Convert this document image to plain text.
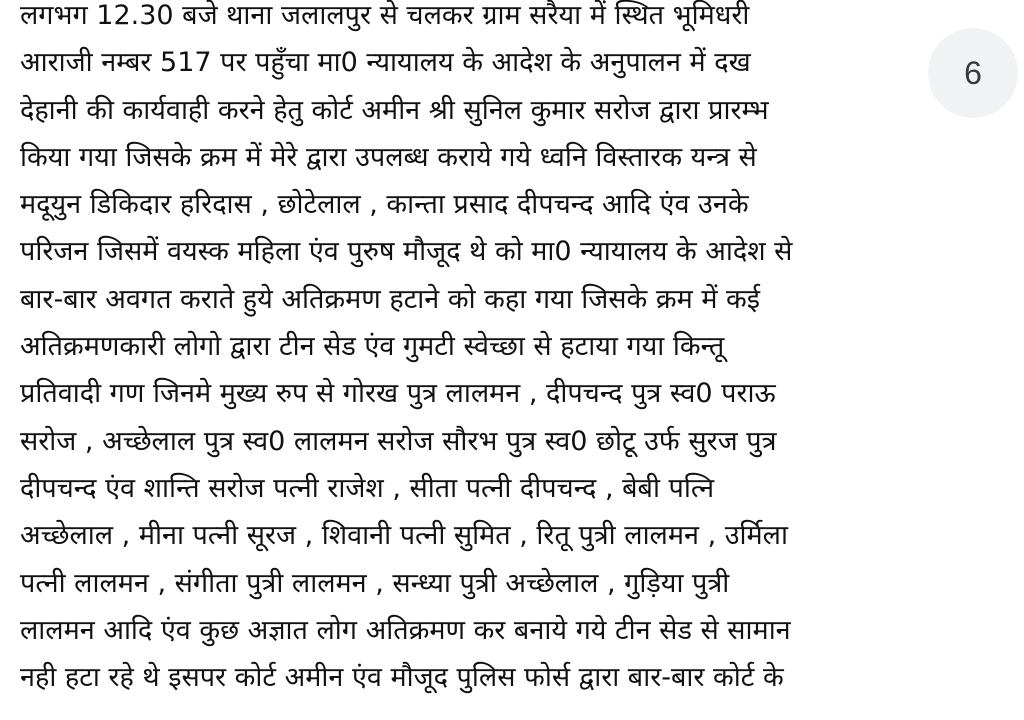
लगभग 12.30 बजे थाना जलालपुर से चलकर ग्राम सरैया में स्थित भूमिधरी
आराजी नम्बर 517 पर पहुँचा मा0 न्यायालय के आदेश के अनुपालन में दख
देहानी की कार्यवाही करने हेतु कोर्ट अमीन श्री सुनिल कुमार सरोज द्वारा प्रारम्भ
किया गया जिसके क्रम में मेरे द्वारा उपलब्ध कराये गये ध्वनि विस्तारक यन्त्र से
मदूयुन डिकिदार हरिदास , छोटेलाल , कान्ता प्रसाद दीपचन्द आदि एंव उनके
परिजन जिसमें वयस्क महिला एंव पुरुष मौजूद थे को मा0 न्यायालय के आदेश से
बार-बार अवगत कराते हुये अतिक्रमण हटाने को कहा गया जिसके क्रम में कई
अतिक्रमणकारी लोगो द्वारा टीन सेड एंव गुमटी स्वेच्छा से हटाया गया किन्तू
प्रतिवादी गण जिनमे मुख्य रुप से गोरख पुत्र लालमन , दीपचन्द पुत्र स्व0 पराऊ
सरोज , अच्छेलाल पुत्र स्व0 लालमन सरोज सौरभ पुत्र स्व0 छोटू उर्फ सुरज पुत्र
दीपचन्द एंव शान्ति सरोज पत्नी राजेश , सीता पत्नी दीपचन्द , बेबी पत्नि
अच्छेलाल , मीना पत्नी सूरज , शिवानी पत्नी सुमित , रितू पुत्री लालमन , उर्मिला
पत्नी लालमन , संगीता पुत्री लालमन , सन्ध्या पुत्री अच्छेलाल , गुड़िया पुत्री
लालमन आदि एंव कुछ अज्ञात लोग अतिक्रमण कर बनाये गये टीन सेड से सामान
नही हटा रहे थे इसपर कोर्ट अमीन एंव मौजूद पुलिस फोर्स द्वारा बार-बार कोर्ट के
6
